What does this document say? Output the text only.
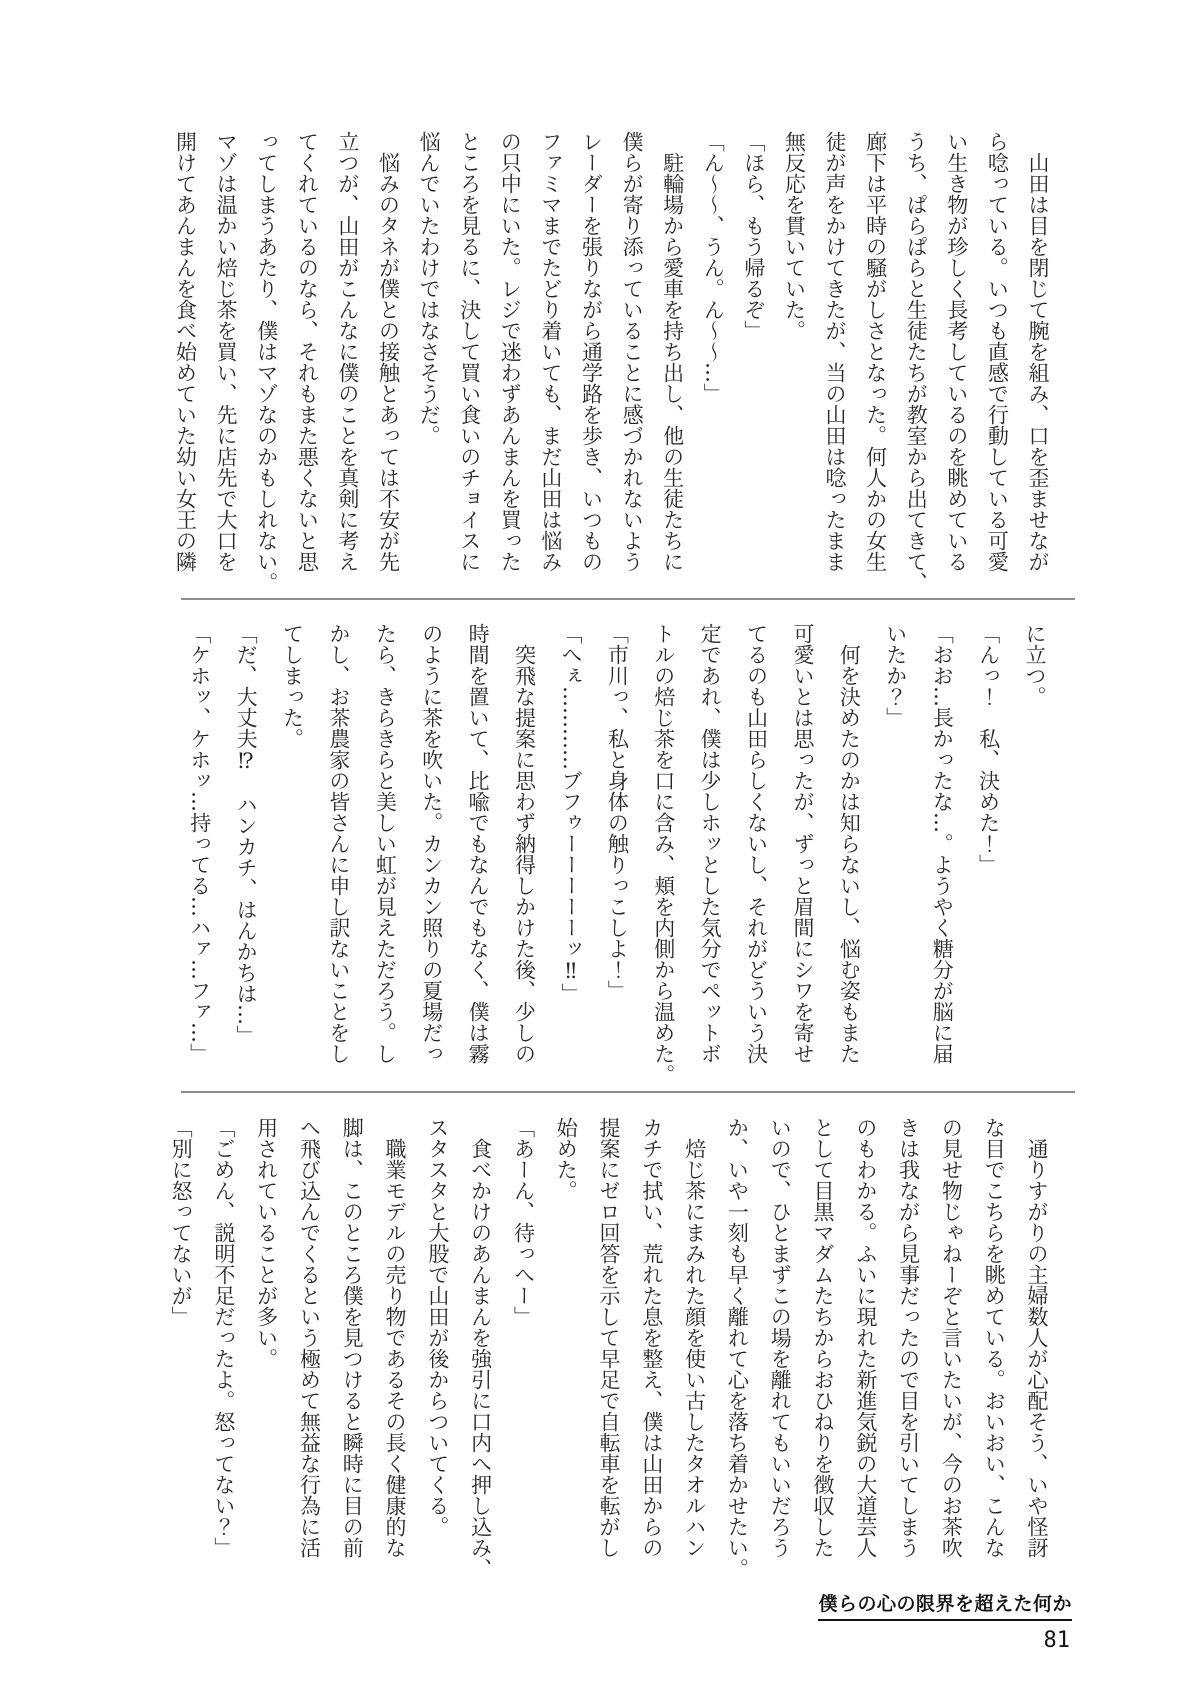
　山田は目を閉じて腕を組み、口を歪ませなが
ら唸っている。いつも直感で行動している可愛
い生き物が珍しく長考しているのを眺めている
うち、ぱらぱらと生徒たちが教室から出てきて、
廊下は平時の騒がしさとなった。何人かの女生
徒が声をかけてきたが、当の山田は唸ったまま
無反応を貫いていた。
「ほら、もう帰るぞ」
「ん〜〜、うん。ん〜〜…」
　駐輪場から愛車を持ち出し、他の生徒たちに
僕らが寄り添っていることに感づかれないよう
レーダーを張りながら通学路を歩き、いつもの
ファミマまでたどり着いても、まだ山田は悩み
の只中にいた。レジで迷わずあんまんを買った
ところを見るに、決して買い食いのチョイスに
悩んでいたわけではなさそうだ。
　悩みのタネが僕との接触とあっては不安が先
立つが、山田がこんなに僕のことを真剣に考え
てくれているのなら、それもまた悪くないと思
ってしまうあたり、僕はマゾなのかもしれない。
マゾは温かい焙じ茶を買い、先に店先で大口を
開けてあんまんを食べ始めていた幼い女王の隣
に立つ。
「んっ！　私、決めた！」
「おお…長かったな…。ようやく糖分が脳に届
いたか？」
　何を決めたのかは知らないし、悩む姿もまた
可愛いとは思ったが、ずっと眉間にシワを寄せ
てるのも山田らしくないし、それがどういう決
定であれ、僕は少しホッとした気分でペットボ
トルの焙じ茶を口に含み、頬を内側から温めた。
「市川っ、私と身体の触りっこしよ！」
「へぇ…………ブフゥーーーーーッ‼」
　突飛な提案に思わず納得しかけた後、少しの
時間を置いて、比喩でもなんでもなく、僕は霧
のように茶を吹いた。カンカン照りの夏場だっ
たら、きらきらと美しい虹が見えただろう。し
かし、お茶農家の皆さんに申し訳ないことをし
てしまった。
「だ、大丈夫⁉　ハンカチ、はんかちは…」
「ケホッ、ケホッ…持ってる…ハァ…ファ…」
　通りすがりの主婦数人が心配そう、いや怪訝
な目でこちらを眺めている。おいおい、こんな
の見せ物じゃねーぞと言いたいが、今のお茶吹
きは我ながら見事だったので目を引いてしまう
のもわかる。ふいに現れた新進気鋭の大道芸人
として目黒マダムたちからおひねりを徴収した
いので、ひとまずこの場を離れてもいいだろう
か、いや一刻も早く離れて心を落ち着かせたい。
　焙じ茶にまみれた顔を使い古したタオルハン
カチで拭い、荒れた息を整え、僕は山田からの
提案にゼロ回答を示して早足で自転車を転がし
始めた。
「あーん、待っへー」
　食べかけのあんまんを強引に口内へ押し込み、
スタスタと大股で山田が後からついてくる。
　職業モデルの売り物であるその長く健康的な
脚は、このところ僕を見つけると瞬時に目の前
へ飛び込んでくるという極めて無益な行為に活
用されていることが多い。
「ごめん、説明不足だったよ。怒ってない？」
「別に怒ってないが」
僕らの心の限界を超えた何か
81
